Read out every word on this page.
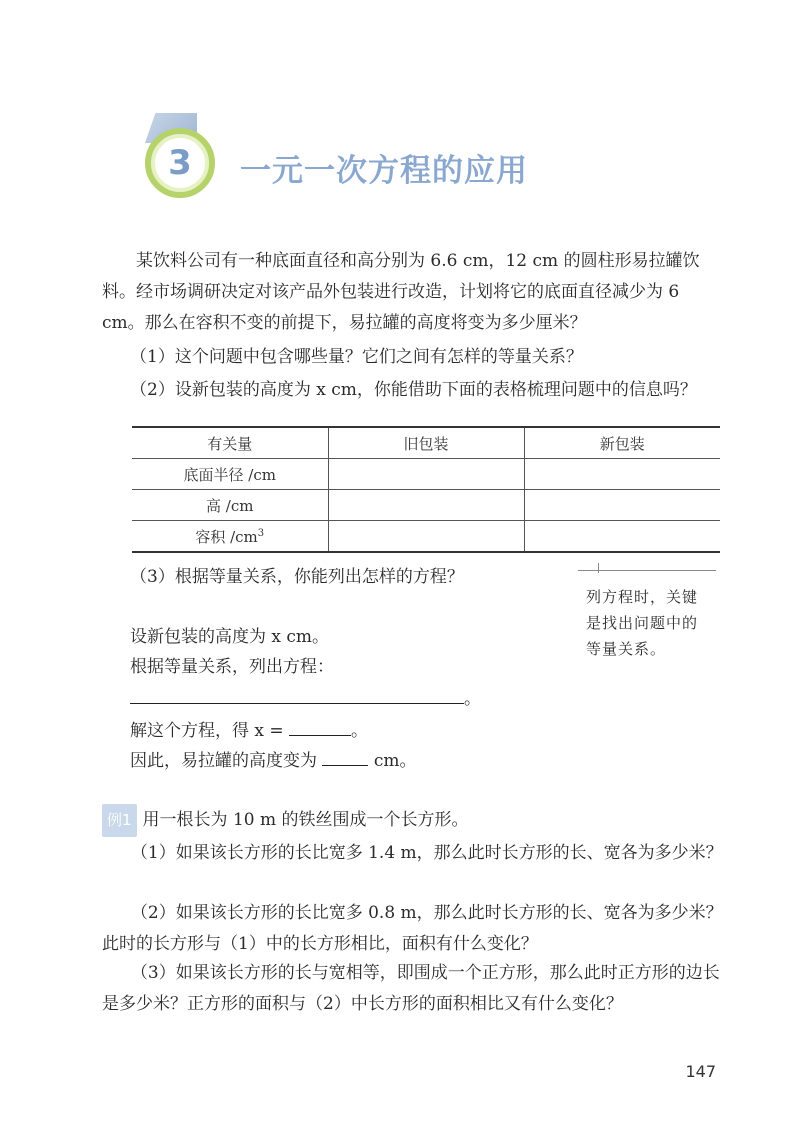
3 一元一次方程的应用
某饮料公司有一种底面直径和高分别为 6.6 cm，12 cm 的圆柱形易拉罐饮料。经市场调研决定对该产品外包装进行改造，计划将它的底面直径减少为 6 cm。那么在容积不变的前提下，易拉罐的高度将变为多少厘米？
（1）这个问题中包含哪些量？它们之间有怎样的等量关系？
（2）设新包装的高度为 x cm，你能借助下面的表格梳理问题中的信息吗？
有关量	旧包装	新包装
底面半径 /cm		
高 /cm		
容积 $/cm^3$		
（3）根据等量关系，你能列出怎样的方程？
列方程时，关键是找出问题中的等量关系。
设新包装的高度为 x cm。
根据等量关系，列出方程：
。
解这个方程，得 x =	。
因此，易拉罐的高度变为	cm。
例1 用一根长为 10 m 的铁丝围成一个长方形。
（1）如果该长方形的长比宽多 1.4 m，那么此时长方形的长、宽各为多少米？
（2）如果该长方形的长比宽多 0.8 m，那么此时长方形的长、宽各为多少米？此时的长方形与（1）中的长方形相比，面积有什么变化？
（3）如果该长方形的长与宽相等，即围成一个正方形，那么此时正方形的边长是多少米？正方形的面积与（2）中长方形的面积相比又有什么变化？
147
